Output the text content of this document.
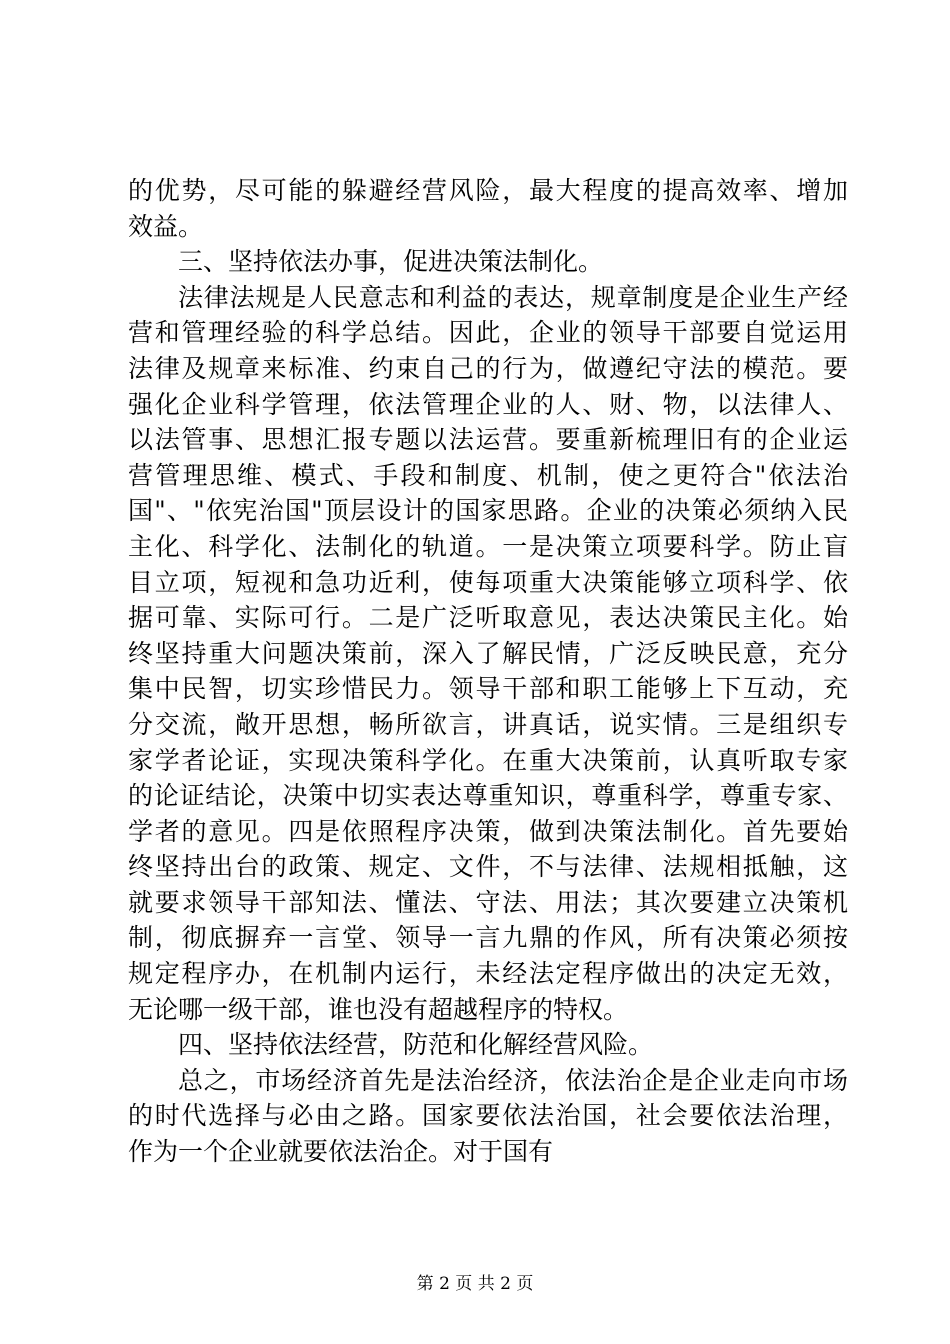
的优势，尽可能的躲避经营风险，最大程度的提高效率、增加
效益。
三、坚持依法办事，促进决策法制化。
法律法规是人民意志和利益的表达，规章制度是企业生产经
营和管理经验的科学总结。因此，企业的领导干部要自觉运用
法律及规章来标准、约束自己的行为，做遵纪守法的模范。要
强化企业科学管理，依法管理企业的人、财、物，以法律人、
以法管事、思想汇报专题以法运营。要重新梳理旧有的企业运
营管理思维、模式、手段和制度、机制，使之更符合"依法治
国"、"依宪治国"顶层设计的国家思路。企业的决策必须纳入民
主化、科学化、法制化的轨道。一是决策立项要科学。防止盲
目立项，短视和急功近利，使每项重大决策能够立项科学、依
据可靠、实际可行。二是广泛听取意见，表达决策民主化。始
终坚持重大问题决策前，深入了解民情，广泛反映民意，充分
集中民智，切实珍惜民力。领导干部和职工能够上下互动，充
分交流，敞开思想，畅所欲言，讲真话，说实情。三是组织专
家学者论证，实现决策科学化。在重大决策前，认真听取专家
的论证结论，决策中切实表达尊重知识，尊重科学，尊重专家、
学者的意见。四是依照程序决策，做到决策法制化。首先要始
终坚持出台的政策、规定、文件，不与法律、法规相抵触，这
就要求领导干部知法、懂法、守法、用法；其次要建立决策机
制，彻底摒弃一言堂、领导一言九鼎的作风，所有决策必须按
规定程序办，在机制内运行，未经法定程序做出的决定无效，
无论哪一级干部，谁也没有超越程序的特权。
四、坚持依法经营，防范和化解经营风险。
总之，市场经济首先是法治经济，依法治企是企业走向市场
的时代选择与必由之路。国家要依法治国，社会要依法治理，
作为一个企业就要依法治企。对于国有
第 2 页 共 2 页
